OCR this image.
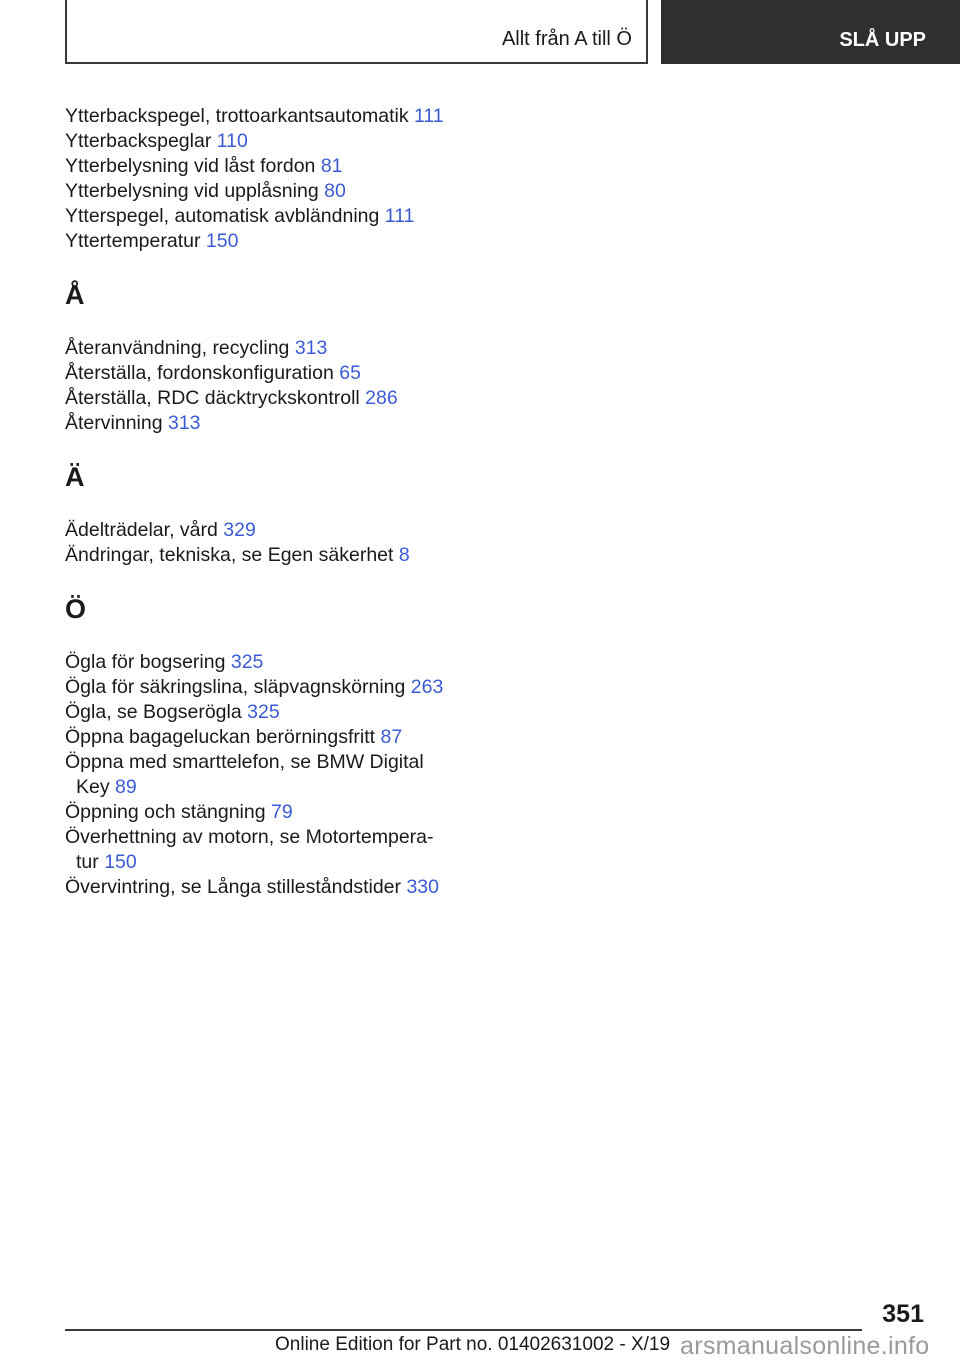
Allt från A till Ö	SLÅ UPP

Ytterbackspegel, trottoarkantsautomatik 111

Ytterbackspeglar 110

Ytterbelysning vid låst fordon 81

Ytterbelysning vid upplåsning 80

Ytterspegel, automatisk avbländning 111

Yttertemperatur 150

Å

Återanvändning, recycling 313

Återställa, fordonskonfiguration 65

Återställa, RDC däcktryckskontroll 286

Återvinning 313

Ä

Ädelträdelar, vård 329

Ändringar, tekniska, se Egen säkerhet 8

Ö

Ögla för bogsering 325

Ögla för säkringslina, släpvagnskörning 263

Ögla, se Bogserögla 325

Öppna bagageluckan berörningsfritt 87

Öppna med smarttelefon, se BMW Digital
Key 89

Öppning och stängning 79

Överhettning av motorn, se Motortempera-
tur 150

Övervintring, se Långa stilleståndstider 330

351
Online Edition for Part no. 01402631002 - X/19 arsmanualsonline.info
